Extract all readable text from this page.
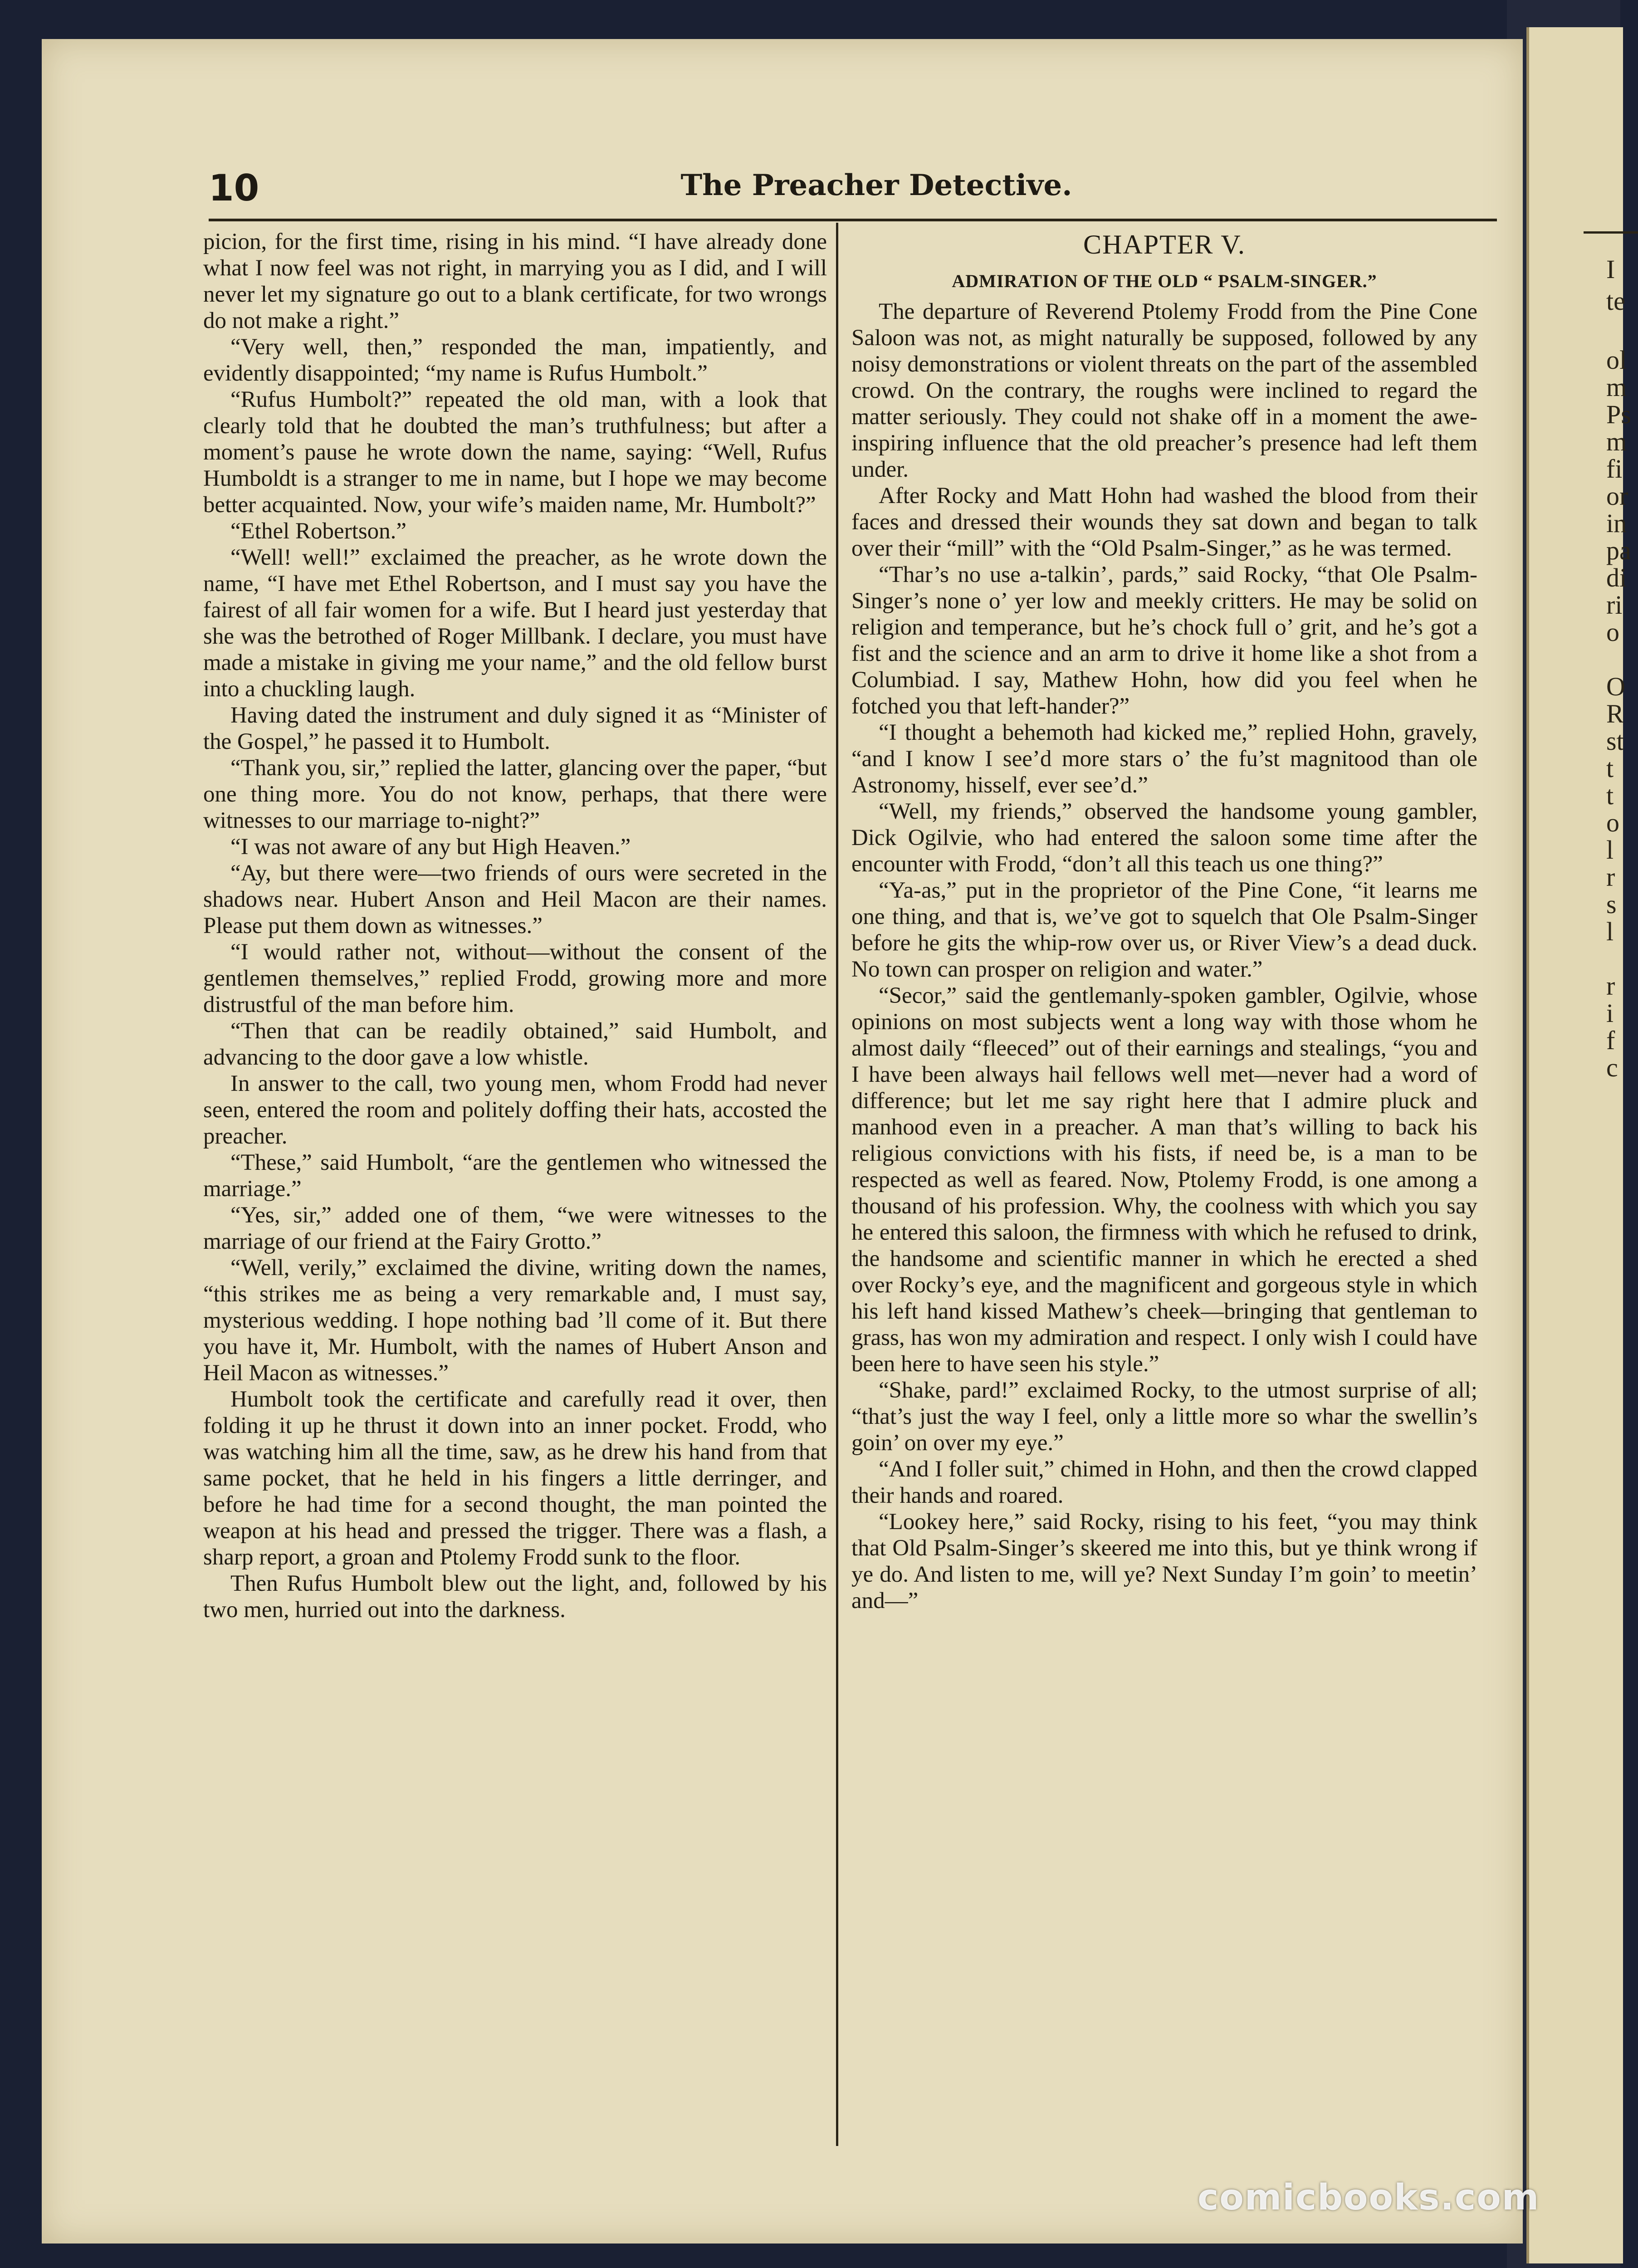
I
te
ol
m
Ps
m
fi
or
in
pa
di
ri
o
O
R
st
t
t
o
l
r
s
l
r
i
f
c
10	The Preacher Detective.

picion, for the first time, rising in his mind. “I have already done what I now feel was not right, in marrying you as I did, and I will never let my signature go out to a blank certificate, for two wrongs do not make a right.”

“Very well, then,” responded the man, impatiently, and evidently disappointed; “my name is Rufus Humbolt.”

“Rufus Humbolt?” repeated the old man, with a look that clearly told that he doubted the man’s truthfulness; but after a moment’s pause he wrote down the name, saying: “Well, Rufus Humboldt is a stranger to me in name, but I hope we may become better acquainted. Now, your wife’s maiden name, Mr. Humbolt?”

“Ethel Robertson.”

“Well! well!” exclaimed the preacher, as he wrote down the name, “I have met Ethel Robertson, and I must say you have the fairest of all fair women for a wife. But I heard just yesterday that she was the betrothed of Roger Millbank. I declare, you must have made a mistake in giving me your name,” and the old fellow burst into a chuckling laugh.

Having dated the instrument and duly signed it as “Minister of the Gospel,” he passed it to Humbolt.

“Thank you, sir,” replied the latter, glancing over the paper, “but one thing more. You do not know, perhaps, that there were witnesses to our marriage to-night?”

“I was not aware of any but High Heaven.”

“Ay, but there were—two friends of ours were secreted in the shadows near. Hubert Anson and Heil Macon are their names. Please put them down as witnesses.”

“I would rather not, without—without the consent of the gentlemen themselves,” replied Frodd, growing more and more distrustful of the man before him.

“Then that can be readily obtained,” said Humbolt, and advancing to the door gave a low whistle.

In answer to the call, two young men, whom Frodd had never seen, entered the room and politely doffing their hats, accosted the preacher.

“These,” said Humbolt, “are the gentlemen who witnessed the marriage.”

“Yes, sir,” added one of them, “we were witnesses to the marriage of our friend at the Fairy Grotto.”

“Well, verily,” exclaimed the divine, writing down the names, “this strikes me as being a very remarkable and, I must say, mysterious wedding. I hope nothing bad ’ll come of it. But there you have it, Mr. Humbolt, with the names of Hubert Anson and Heil Macon as witnesses.”

Humbolt took the certificate and carefully read it over, then folding it up he thrust it down into an inner pocket. Frodd, who was watching him all the time, saw, as he drew his hand from that same pocket, that he held in his fingers a little derringer, and before he had time for a second thought, the man pointed the weapon at his head and pressed the trigger. There was a flash, a sharp report, a groan and Ptolemy Frodd sunk to the floor.

Then Rufus Humbolt blew out the light, and, followed by his two men, hurried out into the darkness.

CHAPTER V.
ADMIRATION OF THE OLD “ PSALM-SINGER.”

The departure of Reverend Ptolemy Frodd from the Pine Cone Saloon was not, as might naturally be supposed, followed by any noisy demonstrations or violent threats on the part of the assembled crowd. On the contrary, the roughs were inclined to regard the matter seriously. They could not shake off in a moment the awe-inspiring influence that the old preacher’s presence had left them under.

After Rocky and Matt Hohn had washed the blood from their faces and dressed their wounds they sat down and began to talk over their “mill” with the “Old Psalm-Singer,” as he was termed.

“Thar’s no use a-talkin’, pards,” said Rocky, “that Ole Psalm-Singer’s none o’ yer low and meekly critters. He may be solid on religion and temperance, but he’s chock full o’ grit, and he’s got a fist and the science and an arm to drive it home like a shot from a Columbiad. I say, Mathew Hohn, how did you feel when he fotched you that left-hander?”

“I thought a behemoth had kicked me,” replied Hohn, gravely, “and I know I see’d more stars o’ the fu’st magnitood than ole Astronomy, hisself, ever see’d.”

“Well, my friends,” observed the handsome young gambler, Dick Ogilvie, who had entered the saloon some time after the encounter with Frodd, “don’t all this teach us one thing?”

“Ya-as,” put in the proprietor of the Pine Cone, “it learns me one thing, and that is, we’ve got to squelch that Ole Psalm-Singer before he gits the whip-row over us, or River View’s a dead duck. No town can prosper on religion and water.”

“Secor,” said the gentlemanly-spoken gambler, Ogilvie, whose opinions on most subjects went a long way with those whom he almost daily “fleeced” out of their earnings and stealings, “you and I have been always hail fellows well met—never had a word of difference; but let me say right here that I admire pluck and manhood even in a preacher. A man that’s willing to back his religious convictions with his fists, if need be, is a man to be respected as well as feared. Now, Ptolemy Frodd, is one among a thousand of his profession. Why, the coolness with which you say he entered this saloon, the firmness with which he refused to drink, the handsome and scientific manner in which he erected a shed over Rocky’s eye, and the magnificent and gorgeous style in which his left hand kissed Mathew’s cheek—bringing that gentleman to grass, has won my admiration and respect. I only wish I could have been here to have seen his style.”

“Shake, pard!” exclaimed Rocky, to the utmost surprise of all; “that’s just the way I feel, only a little more so whar the swellin’s goin’ on over my eye.”

“And I foller suit,” chimed in Hohn, and then the crowd clapped their hands and roared.

“Lookey here,” said Rocky, rising to his feet, “you may think that Old Psalm-Singer’s skeered me into this, but ye think wrong if ye do. And listen to me, will ye? Next Sunday I’m goin’ to meetin’ and—”

comicbooks.com
